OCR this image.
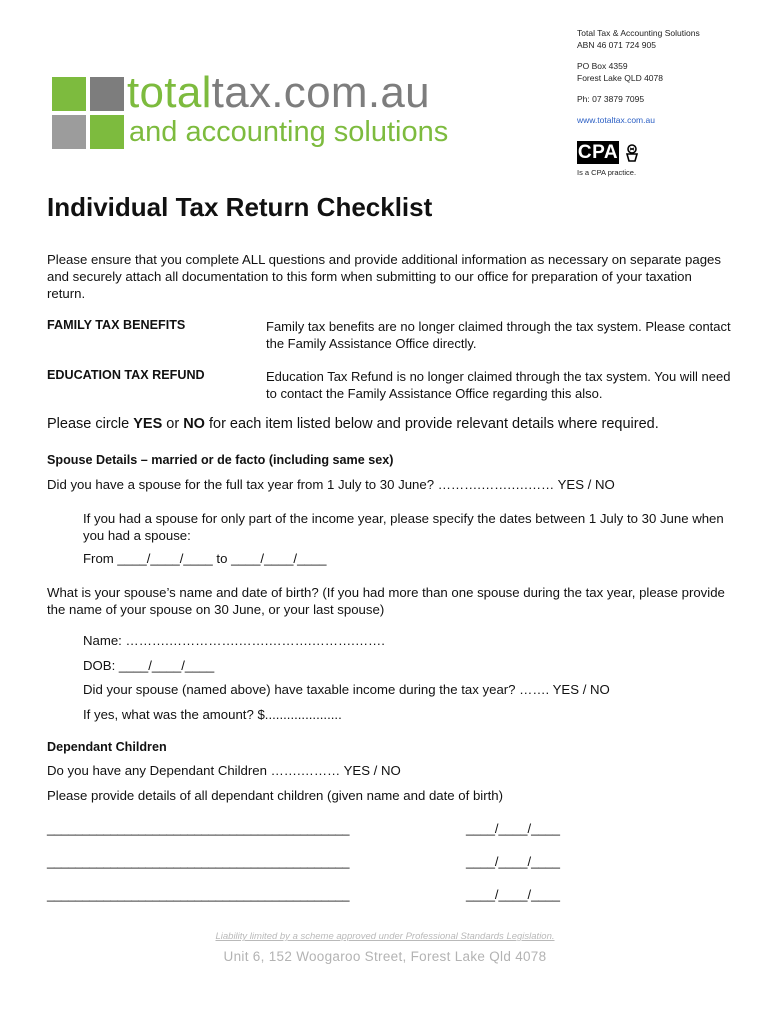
totaltax.com.au
and accounting solutions
Total Tax & Accounting Solutions
ABN 46 071 724 905
PO Box 4359
Forest Lake QLD 4078
Ph: 07 3879 7095
www.totaltax.com.au
CPA
Is a CPA practice.
Individual Tax Return Checklist
Please ensure that you complete ALL questions and provide additional information as necessary on separate pages and securely attach all documentation to this form when submitting to our office for preparation of your taxation return.
FAMILY TAX BENEFITS	Family tax benefits are no longer claimed through the tax system. Please contact the Family Assistance Office directly.
EDUCATION TAX REFUND	Education Tax Refund is no longer claimed through the tax system. You will need to contact the Family Assistance Office regarding this also.
Please circle YES or NO for each item listed below and provide relevant details where required.
Spouse Details – married or de facto (including same sex)
Did you have a spouse for the full tax year from 1 July to 30 June? ……….…….….…… YES / NO
If you had a spouse for only part of the income year, please specify the dates between 1 July to 30 June when you had a spouse:
From ____/____/____ to ____/____/____
What is your spouse’s name and date of birth? (If you had more than one spouse during the tax year, please provide the name of your spouse on 30 June, or your last spouse)
Name: ……….…………….…….……….……….…….
DOB: ____/____/____
Did your spouse (named above) have taxable income during the tax year? ……. YES / NO
If yes, what was the amount? $.....................
Dependant Children
Do you have any Dependant Children …….……… YES / NO
Please provide details of all dependant children (given name and date of birth)
___________________________________________	____/____/____
___________________________________________	____/____/____
___________________________________________	____/____/____
Liability limited by a scheme approved under Professional Standards Legislation.
Unit 6, 152 Woogaroo Street, Forest Lake Qld 4078
